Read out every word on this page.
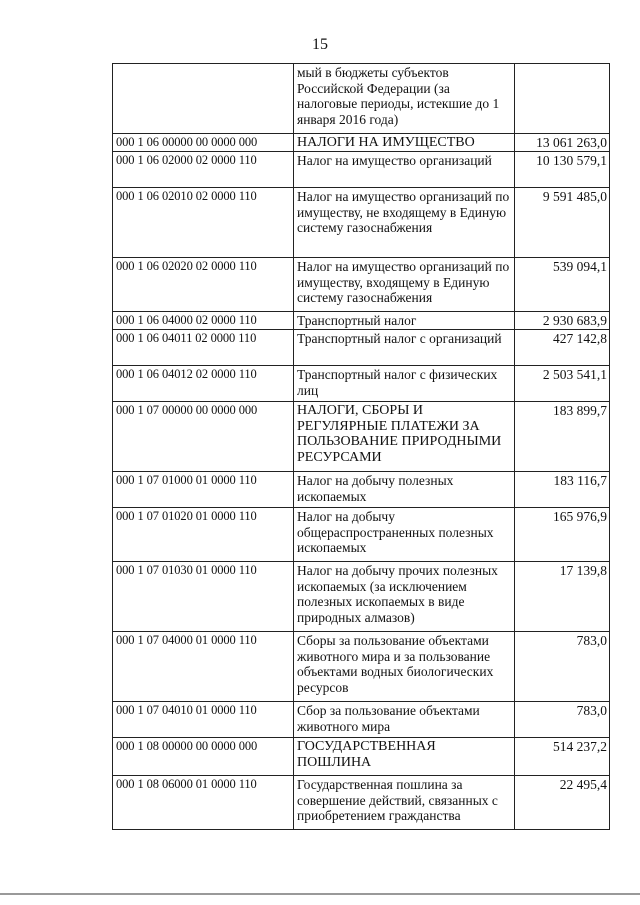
15
	мый в бюджеты субъектов Российской Федерации (за налоговые периоды, истекшие до 1 января 2016 года)	
000 1 06 00000 00 0000 000	НАЛОГИ НА ИМУЩЕСТВО	13 061 263,0
000 1 06 02000 02 0000 110	Налог на имущество организаций	10 130 579,1
000 1 06 02010 02 0000 110	Налог на имущество организаций по имуществу, не входящему в Единую систему газоснабжения	9 591 485,0
000 1 06 02020 02 0000 110	Налог на имущество организаций по имуществу, входящему в Единую систему газоснабжения	539 094,1
000 1 06 04000 02 0000 110	Транспортный налог	2 930 683,9
000 1 06 04011 02 0000 110	Транспортный налог с организаций	427 142,8
000 1 06 04012 02 0000 110	Транспортный налог с физических лиц	2 503 541,1
000 1 07 00000 00 0000 000	НАЛОГИ, СБОРЫ И РЕГУЛЯРНЫЕ ПЛАТЕЖИ ЗА ПОЛЬЗОВАНИЕ ПРИРОДНЫМИ РЕСУРСАМИ	183 899,7
000 1 07 01000 01 0000 110	Налог на добычу полезных ископаемых	183 116,7
000 1 07 01020 01 0000 110	Налог на добычу общераспространенных полезных ископаемых	165 976,9
000 1 07 01030 01 0000 110	Налог на добычу прочих полезных ископаемых (за исключением полезных ископаемых в виде природных алмазов)	17 139,8
000 1 07 04000 01 0000 110	Сборы за пользование объектами животного мира и за пользование объектами водных биологических ресурсов	783,0
000 1 07 04010 01 0000 110	Сбор за пользование объектами животного мира	783,0
000 1 08 00000 00 0000 000	ГОСУДАРСТВЕННАЯ ПОШЛИНА	514 237,2
000 1 08 06000 01 0000 110	Государственная пошлина за совершение действий, связанных с приобретением гражданства	22 495,4
